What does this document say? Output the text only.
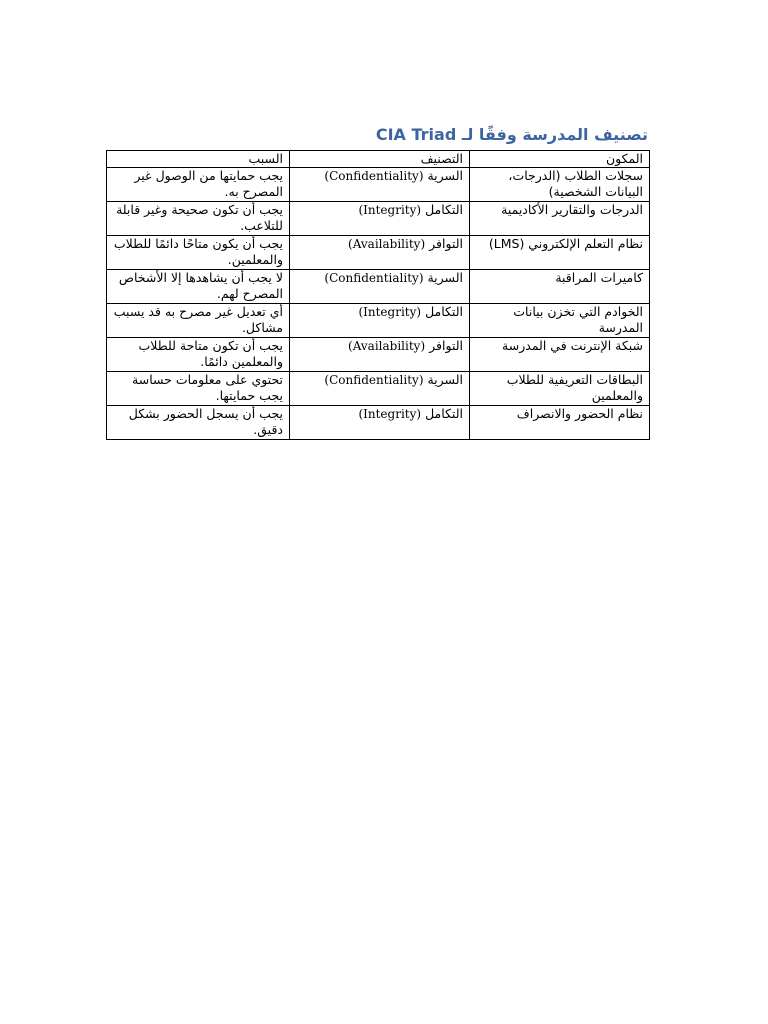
تصنيف المدرسة وفقًا لـ CIA Triad
المكون	التصنيف	السبب
سجلات الطلاب (الدرجات، البيانات الشخصية)	السرية (Confidentiality)	يجب حمايتها من الوصول غير المصرح به.
الدرجات والتقارير الأكاديمية	التكامل (Integrity)	يجب أن تكون صحيحة وغير قابلة للتلاعب.
نظام التعلم الإلكتروني (LMS)	التوافر (Availability)	يجب أن يكون متاحًا دائمًا للطلاب والمعلمين.
كاميرات المراقبة	السرية (Confidentiality)	لا يجب أن يشاهدها إلا الأشخاص المصرح لهم.
الخوادم التي تخزن بيانات المدرسة	التكامل (Integrity)	أي تعديل غير مصرح به قد يسبب مشاكل.
شبكة الإنترنت في المدرسة	التوافر (Availability)	يجب أن تكون متاحة للطلاب والمعلمين دائمًا.
البطاقات التعريفية للطلاب والمعلمين	السرية (Confidentiality)	تحتوي على معلومات حساسة يجب حمايتها.
نظام الحضور والانصراف	التكامل (Integrity)	يجب أن يسجل الحضور بشكل دقيق.
